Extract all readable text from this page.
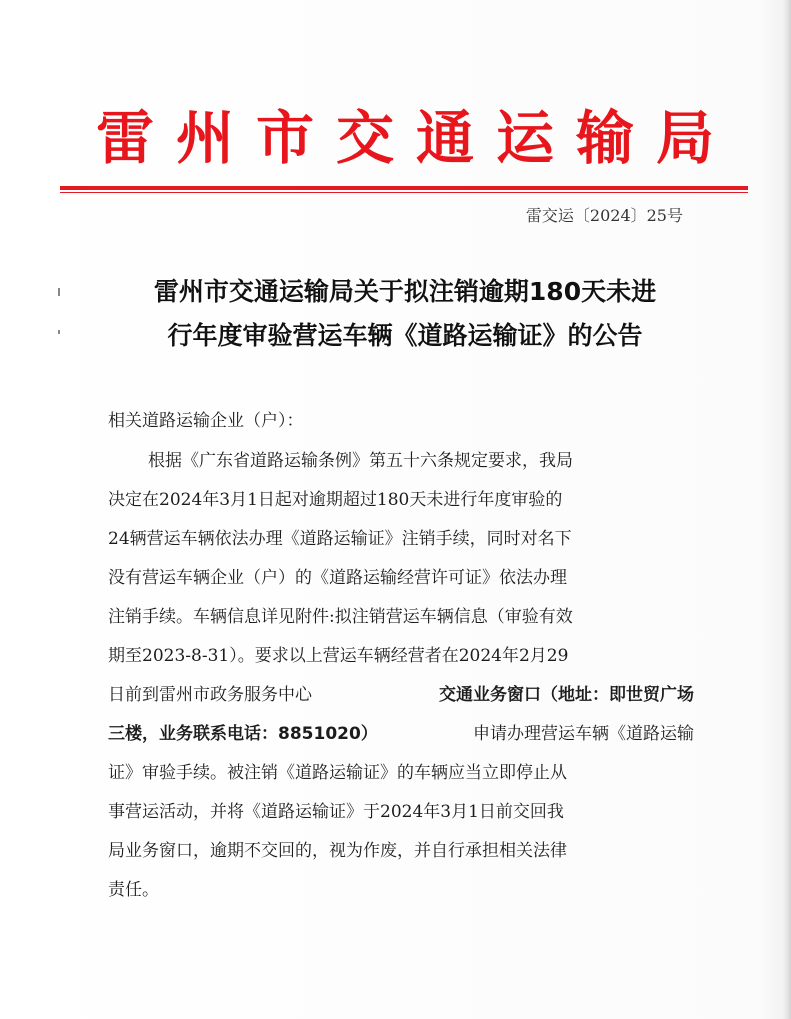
雷州市交通运输局
雷交运〔2024〕25号
雷州市交通运输局关于拟注销逾期180天未进
行年度审验营运车辆《道路运输证》的公告
相关道路运输企业（户）：
根据《广东省道路运输条例》第五十六条规定要求，我局
决定在2024年3月1日起对逾期超过180天未进行年度审验的
24辆营运车辆依法办理《道路运输证》注销手续，同时对名下
没有营运车辆企业（户）的《道路运输经营许可证》依法办理
注销手续。车辆信息详见附件:拟注销营运车辆信息（审验有效
期至2023-8-31）。要求以上营运车辆经营者在2024年2月29
日前到雷州市政务服务中心	交通业务窗口（地址：即世贸广场
三楼，业务联系电话：8851020）	申请办理营运车辆《道路运输
证》审验手续。被注销《道路运输证》的车辆应当立即停止从
事营运活动，并将《道路运输证》于2024年3月1日前交回我
局业务窗口，逾期不交回的，视为作废，并自行承担相关法律
责任。
